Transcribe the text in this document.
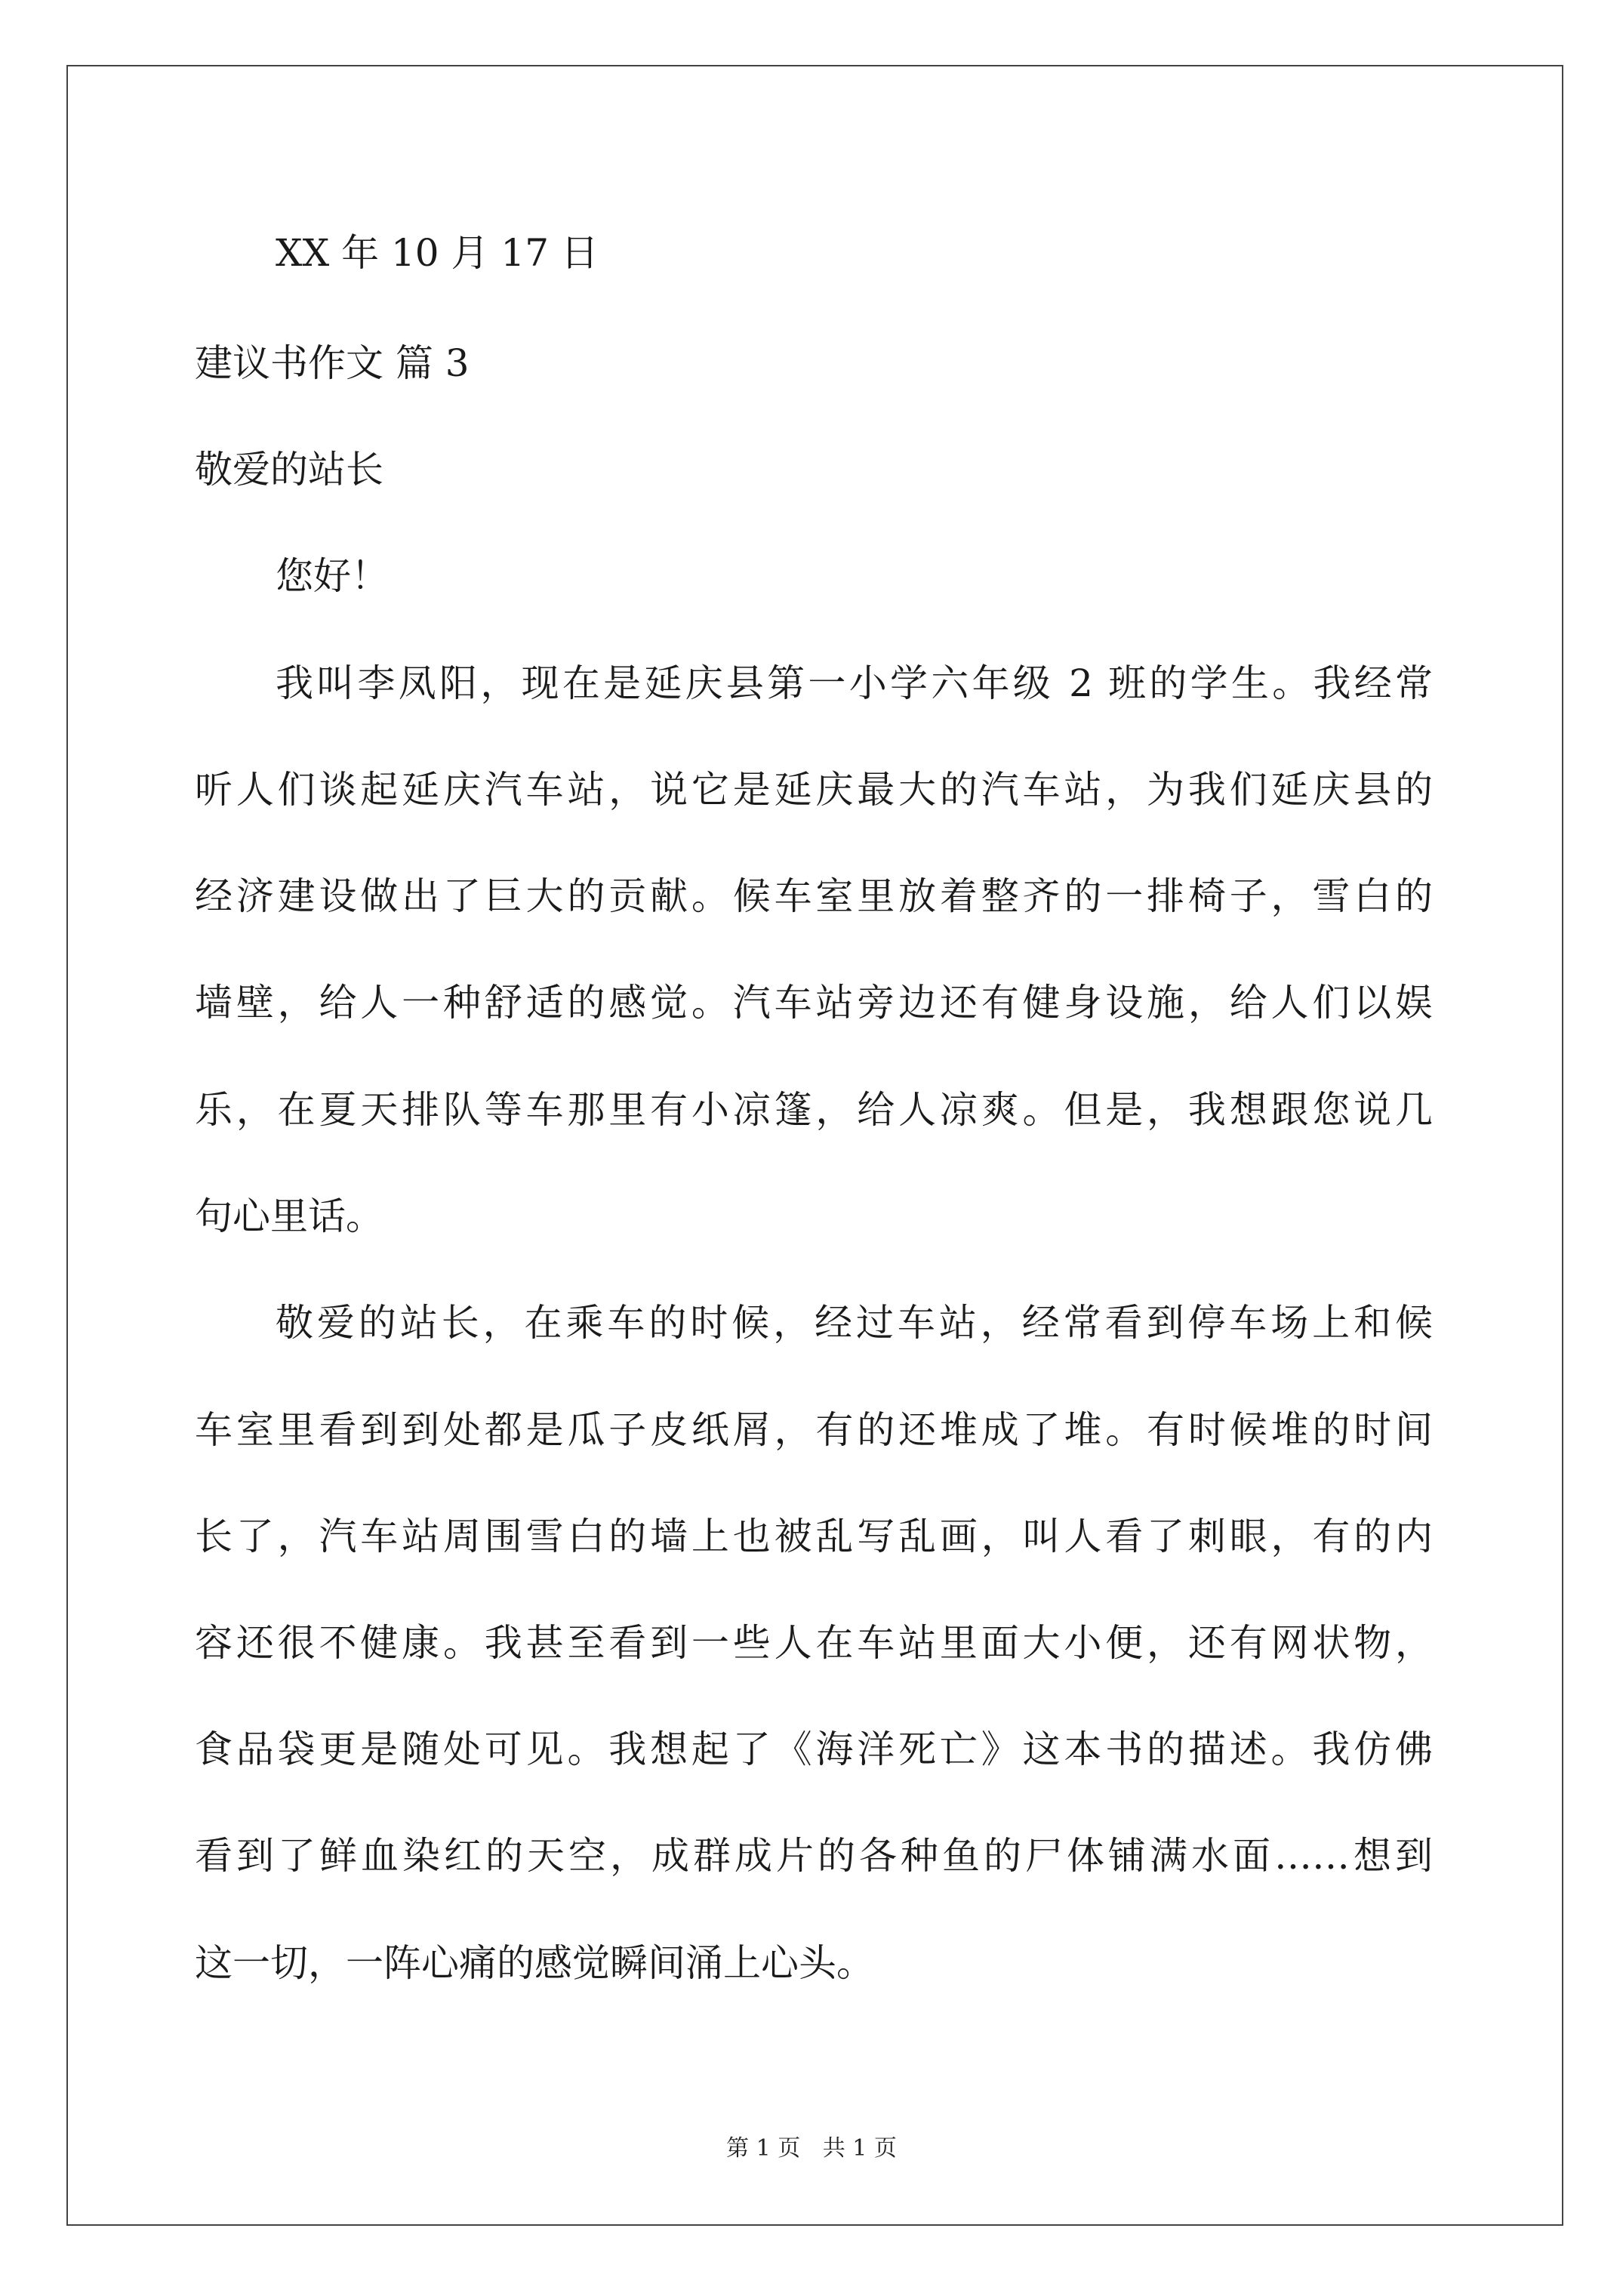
XX 年 10 月 17 日

建议书作文 篇 3

敬爱的站长

您好！

我叫李凤阳，现在是延庆县第一小学六年级 2 班的学生。我经常

听人们谈起延庆汽车站，说它是延庆最大的汽车站，为我们延庆县的

经济建设做出了巨大的贡献。候车室里放着整齐的一排椅子，雪白的

墙壁，给人一种舒适的感觉。汽车站旁边还有健身设施，给人们以娱

乐，在夏天排队等车那里有小凉篷，给人凉爽。但是，我想跟您说几

句心里话。

敬爱的站长，在乘车的时候，经过车站，经常看到停车场上和候

车室里看到到处都是瓜子皮纸屑，有的还堆成了堆。有时候堆的时间

长了，汽车站周围雪白的墙上也被乱写乱画，叫人看了刺眼，有的内

容还很不健康。我甚至看到一些人在车站里面大小便，还有网状物，

食品袋更是随处可见。我想起了《海洋死亡》这本书的描述。我仿佛

看到了鲜血染红的天空，成群成片的各种鱼的尸体铺满水面……想到

这一切，一阵心痛的感觉瞬间涌上心头。

第 1 页 共 1 页
